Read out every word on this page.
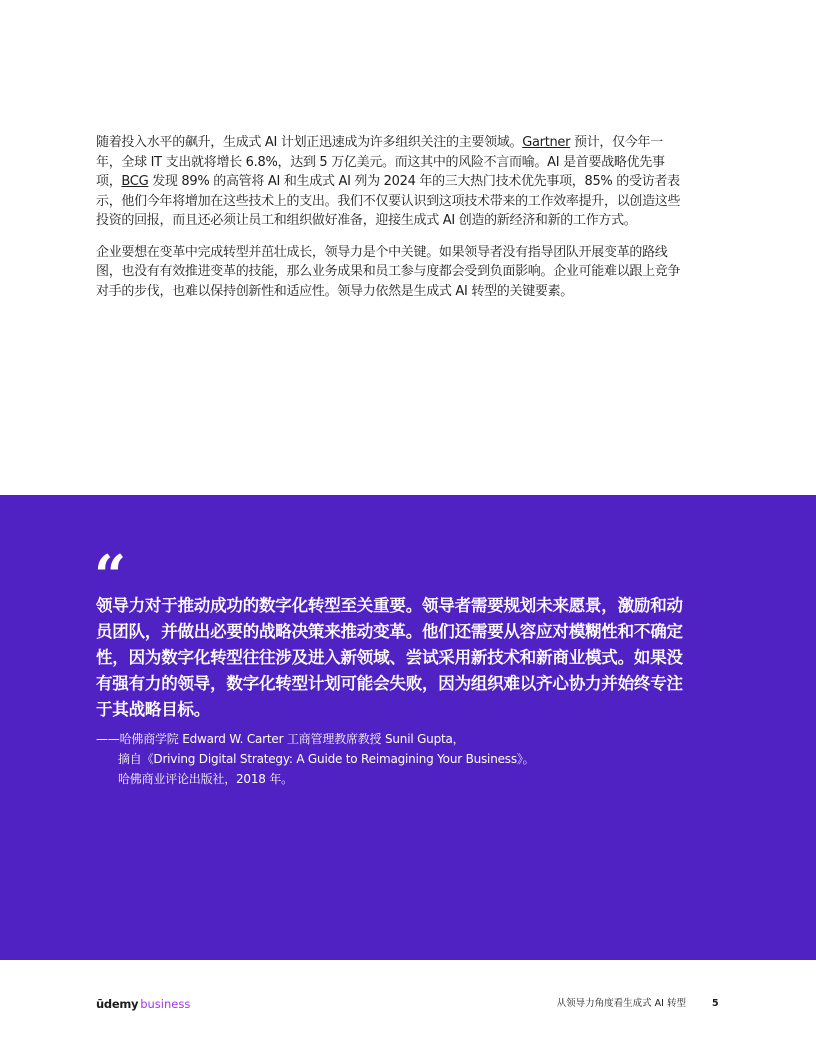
随着投入水平的飙升，生成式 AI 计划正迅速成为许多组织关注的主要领域。Gartner 预计，仅今年一年，全球 IT 支出就将增长 6.8%，达到 5 万亿美元。而这其中的风险不言而喻。AI 是首要战略优先事项，BCG 发现 89% 的高管将 AI 和生成式 AI 列为 2024 年的三大热门技术优先事项，85% 的受访者表示，他们今年将增加在这些技术上的支出。我们不仅要认识到这项技术带来的工作效率提升，以创造这些投资的回报，而且还必须让员工和组织做好准备，迎接生成式 AI 创造的新经济和新的工作方式。

企业要想在变革中完成转型并茁壮成长，领导力是个中关键。如果领导者没有指导团队开展变革的路线图，也没有有效推进变革的技能，那么业务成果和员工参与度都会受到负面影响。企业可能难以跟上竞争对手的步伐，也难以保持创新性和适应性。领导力依然是生成式 AI 转型的关键要素。

“

领导力对于推动成功的数字化转型至关重要。领导者需要规划未来愿景，激励和动员团队，并做出必要的战略决策来推动变革。他们还需要从容应对模糊性和不确定性，因为数字化转型往往涉及进入新领域、尝试采用新技术和新商业模式。如果没有强有力的领导，数字化转型计划可能会失败，因为组织难以齐心协力并始终专注于其战略目标。

——哈佛商学院 Edward W. Carter 工商管理教席教授 Sunil Gupta，
摘自《Driving Digital Strategy: A Guide to Reimagining Your Business》。
哈佛商业评论出版社，2018 年。
ūdemy business	从领导力角度看生成式 AI 转型	5
